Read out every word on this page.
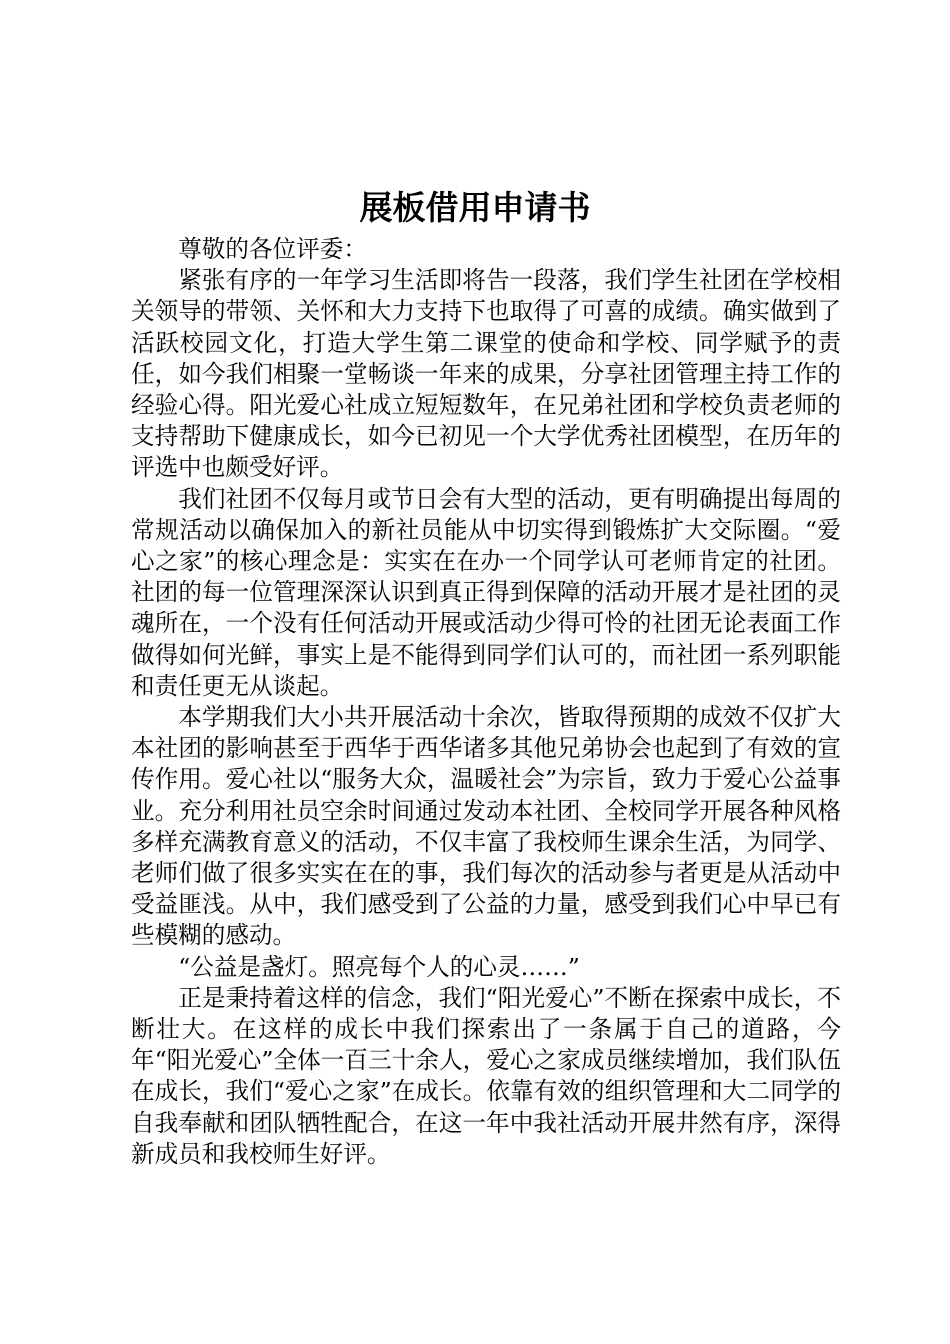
展板借用申请书

尊敬的各位评委：

紧张有序的一年学习生活即将告一段落，我们学生社团在学校相关领导的带领、关怀和大力支持下也取得了可喜的成绩。确实做到了活跃校园文化，打造大学生第二课堂的使命和学校、同学赋予的责任，如今我们相聚一堂畅谈一年来的成果，分享社团管理主持工作的经验心得。阳光爱心社成立短短数年，在兄弟社团和学校负责老师的支持帮助下健康成长，如今已初见一个大学优秀社团模型，在历年的评选中也颇受好评。

我们社团不仅每月或节日会有大型的活动，更有明确提出每周的常规活动以确保加入的新社员能从中切实得到锻炼扩大交际圈。“爱心之家”的核心理念是：实实在在办一个同学认可老师肯定的社团。社团的每一位管理深深认识到真正得到保障的活动开展才是社团的灵魂所在，一个没有任何活动开展或活动少得可怜的社团无论表面工作做得如何光鲜，事实上是不能得到同学们认可的，而社团一系列职能和责任更无从谈起。

本学期我们大小共开展活动十余次，皆取得预期的成效不仅扩大本社团的影响甚至于西华于西华诸多其他兄弟协会也起到了有效的宣传作用。爱心社以“服务大众，温暖社会”为宗旨，致力于爱心公益事业。充分利用社员空余时间通过发动本社团、全校同学开展各种风格多样充满教育意义的活动，不仅丰富了我校师生课余生活，为同学、老师们做了很多实实在在的事，我们每次的活动参与者更是从活动中受益匪浅。从中，我们感受到了公益的力量，感受到我们心中早已有些模糊的感动。

“公益是盏灯。照亮每个人的心灵……”

正是秉持着这样的信念，我们“阳光爱心”不断在探索中成长，不断壮大。在这样的成长中我们探索出了一条属于自己的道路，今年“阳光爱心”全体一百三十余人，爱心之家成员继续增加，我们队伍在成长，我们“爱心之家”在成长。依靠有效的组织管理和大二同学的自我奉献和团队牺牲配合，在这一年中我社活动开展井然有序，深得新成员和我校师生好评。
